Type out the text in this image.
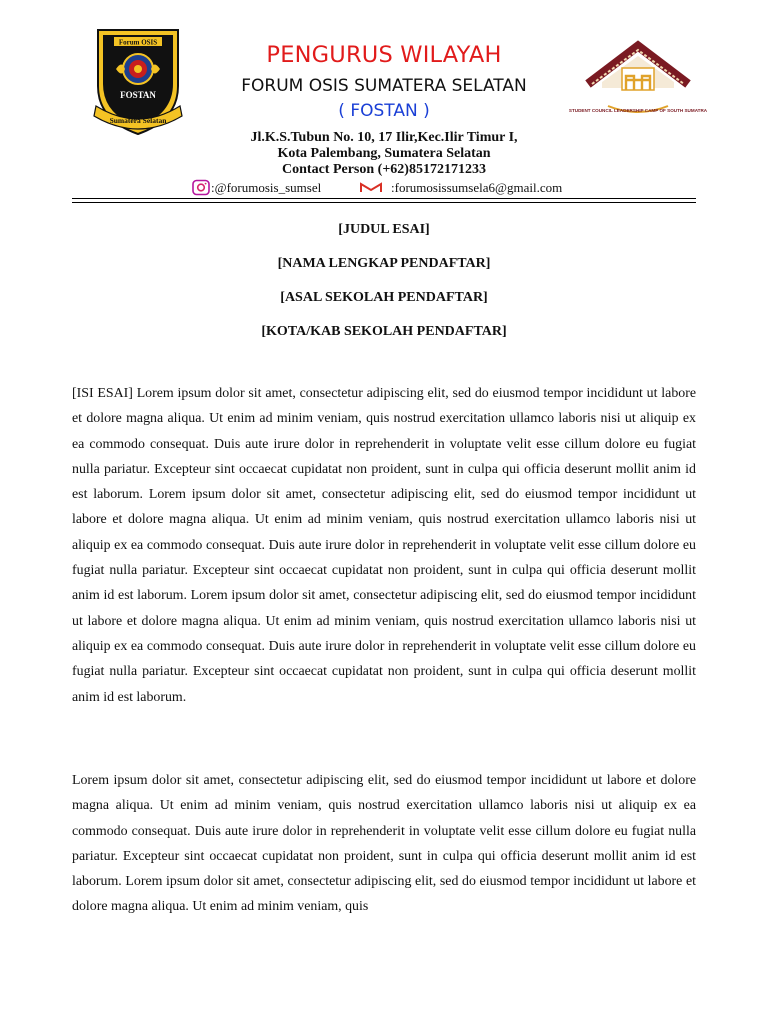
Forum OSIS
FOSTAN
Sumatera Selatan
PENGURUS WILAYAH
FORUM OSIS SUMATERA SELATAN
( FOSTAN )
Jl.K.S.Tubun No. 10, 17 Ilir,Kec.Ilir Timur I,
Kota Palembang, Sumatera Selatan
Contact Person (+62)85172171233
:@forumosis_sumsel	:forumosissumsela6@gmail.com
STUDENT COUNCIL LEADERSHIP CAMP OF SOUTH SUMATRA
[JUDUL ESAI]
[NAMA LENGKAP PENDAFTAR]
[ASAL SEKOLAH PENDAFTAR]
[KOTA/KAB SEKOLAH PENDAFTAR]

[ISI ESAI] Lorem ipsum dolor sit amet, consectetur adipiscing elit, sed do eiusmod tempor incididunt ut labore et dolore magna aliqua. Ut enim ad minim veniam, quis nostrud exercitation ullamco laboris nisi ut aliquip ex ea commodo consequat. Duis aute irure dolor in reprehenderit in voluptate velit esse cillum dolore eu fugiat nulla pariatur. Excepteur sint occaecat cupidatat non proident, sunt in culpa qui officia deserunt mollit anim id est laborum. Lorem ipsum dolor sit amet, consectetur adipiscing elit, sed do eiusmod tempor incididunt ut labore et dolore magna aliqua. Ut enim ad minim veniam, quis nostrud exercitation ullamco laboris nisi ut aliquip ex ea commodo consequat. Duis aute irure dolor in reprehenderit in voluptate velit esse cillum dolore eu fugiat nulla pariatur. Excepteur sint occaecat cupidatat non proident, sunt in culpa qui officia deserunt mollit anim id est laborum. Lorem ipsum dolor sit amet, consectetur adipiscing elit, sed do eiusmod tempor incididunt ut labore et dolore magna aliqua. Ut enim ad minim veniam, quis nostrud exercitation ullamco laboris nisi ut aliquip ex ea commodo consequat. Duis aute irure dolor in reprehenderit in voluptate velit esse cillum dolore eu fugiat nulla pariatur. Excepteur sint occaecat cupidatat non proident, sunt in culpa qui officia deserunt mollit anim id est laborum.

Lorem ipsum dolor sit amet, consectetur adipiscing elit, sed do eiusmod tempor incididunt ut labore et dolore magna aliqua. Ut enim ad minim veniam, quis nostrud exercitation ullamco laboris nisi ut aliquip ex ea commodo consequat. Duis aute irure dolor in reprehenderit in voluptate velit esse cillum dolore eu fugiat nulla pariatur. Excepteur sint occaecat cupidatat non proident, sunt in culpa qui officia deserunt mollit anim id est laborum. Lorem ipsum dolor sit amet, consectetur adipiscing elit, sed do eiusmod tempor incididunt ut labore et dolore magna aliqua. Ut enim ad minim veniam, quis
